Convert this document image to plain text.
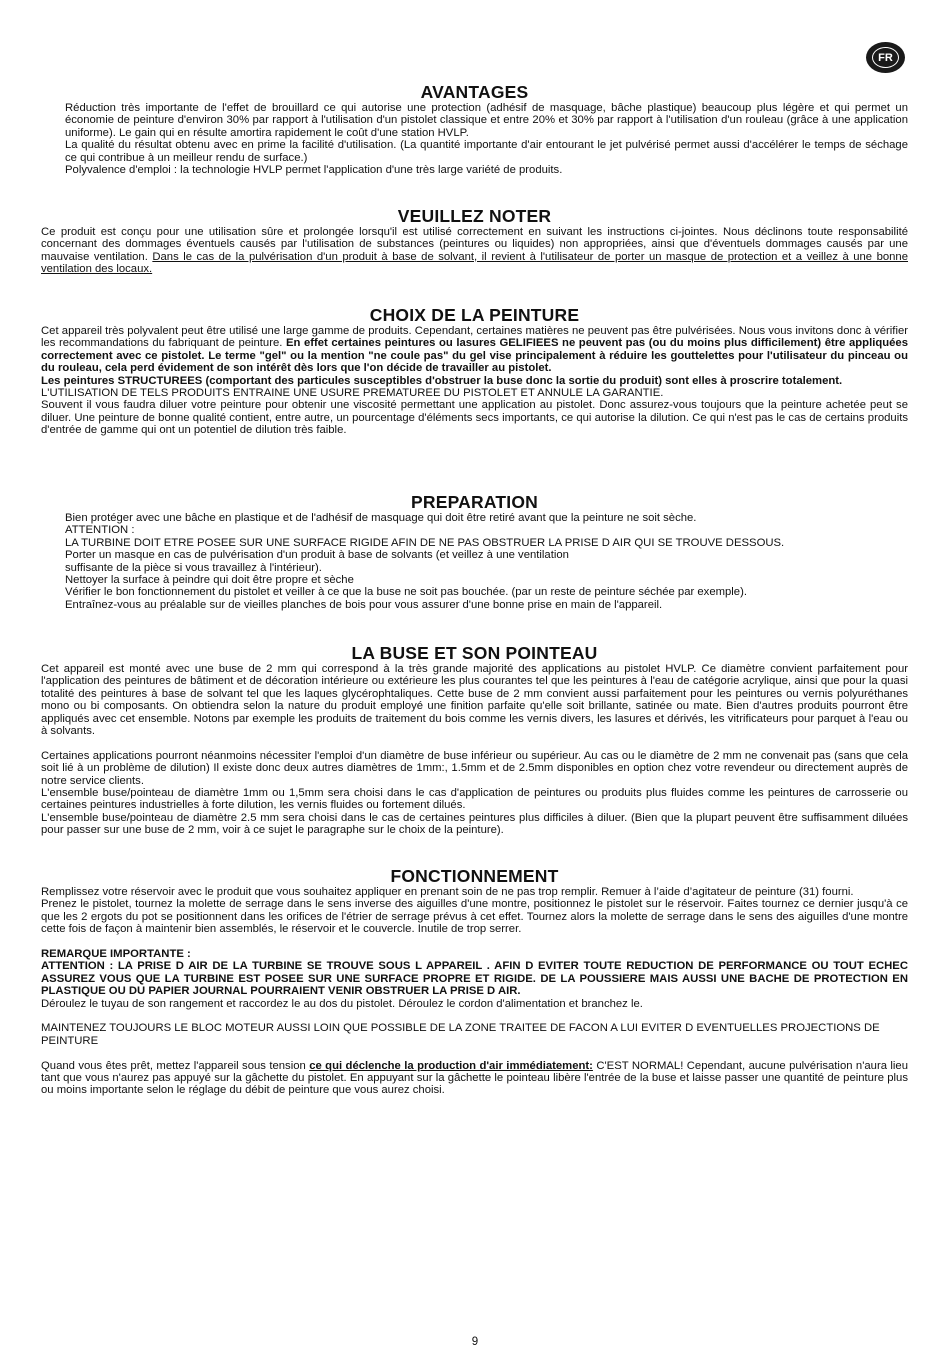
FR
AVANTAGES

Réduction très importante de l'effet de brouillard ce qui autorise une protection (adhésif de masquage, bâche plastique) beaucoup plus légère et qui permet un économie de peinture d'environ 30% par rapport à l'utilisation d'un pistolet classique et entre 20% et 30% par rapport à l'utilisation d'un rouleau (grâce à une application uniforme). Le gain qui en résulte amortira rapidement le coût d'une station HVLP.

La qualité du résultat obtenu avec en prime la facilité d'utilisation. (La quantité importante d'air entourant le jet pulvérisé permet aussi d'accélérer le temps de séchage ce qui contribue à un meilleur rendu de surface.)

Polyvalence d'emploi : la technologie HVLP permet l'application d'une très large variété de produits.

VEUILLEZ NOTER

Ce produit est conçu pour une utilisation sûre et prolongée lorsqu'il est utilisé correctement en suivant les instructions ci-jointes. Nous déclinons toute responsabilité concernant des dommages éventuels causés par l'utilisation de substances (peintures ou liquides) non appropriées, ainsi que d'éventuels dommages causés par une mauvaise ventilation. Dans le cas de la pulvérisation d'un produit à base de solvant, il revient à l'utilisateur de porter un masque de protection et a veillez à une bonne ventilation des locaux.

CHOIX DE LA PEINTURE

Cet appareil très polyvalent peut être utilisé une large gamme de produits. Cependant, certaines matières ne peuvent pas être pulvérisées. Nous vous invitons donc à vérifier les recommandations du fabriquant de peinture. En effet certaines peintures ou lasures GELIFIEES ne peuvent pas (ou du moins plus difficilement) être appliquées correctement avec ce pistolet. Le terme "gel" ou la mention "ne coule pas" du gel vise principalement à réduire les gouttelettes pour l'utilisateur du pinceau ou du rouleau, cela perd évidement de son intérêt dès lors que l'on décide de travailler au pistolet.

Les peintures STRUCTUREES (comportant des particules susceptibles d'obstruer la buse donc la sortie du produit) sont elles à proscrire totalement.

L'UTILISATION DE TELS PRODUITS ENTRAINE UNE USURE PREMATUREE DU PISTOLET ET ANNULE LA GARANTIE.

Souvent il vous faudra diluer votre peinture pour obtenir une viscosité permettant une application au pistolet. Donc assurez-vous toujours que la peinture achetée peut se diluer. Une peinture de bonne qualité contient, entre autre, un pourcentage d'éléments secs importants, ce qui autorise la dilution. Ce qui n'est pas le cas de certains produits d'entrée de gamme qui ont un potentiel de dilution très faible.

PREPARATION

Bien protéger avec une bâche en plastique et de l'adhésif de masquage qui doit être retiré avant que la peinture ne soit sèche.

ATTENTION :

LA TURBINE DOIT ETRE POSEE SUR UNE SURFACE RIGIDE AFIN DE NE PAS OBSTRUER LA PRISE D AIR QUI SE TROUVE DESSOUS.

Porter un masque en cas de pulvérisation d'un produit à base de solvants (et veillez à une ventilation

suffisante de la pièce si vous travaillez à l'intérieur).

Nettoyer la surface à peindre qui doit être propre et sèche

Vérifier le bon fonctionnement du pistolet et veiller à ce que la buse ne soit pas bouchée. (par un reste de peinture séchée par exemple).

Entraînez-vous au préalable sur de vieilles planches de bois pour vous assurer d'une bonne prise en main de l'appareil.

LA BUSE ET SON POINTEAU

Cet appareil est monté avec une buse de 2 mm qui correspond à la très grande majorité des applications au pistolet HVLP. Ce diamètre convient parfaitement pour l'application des peintures de bâtiment et de décoration intérieure ou extérieure les plus courantes tel que les peintures à l'eau de catégorie acrylique, ainsi que pour la quasi totalité des peintures à base de solvant tel que les laques glycérophtaliques. Cette buse de 2 mm convient aussi parfaitement pour les peintures ou vernis polyuréthanes mono ou bi composants. On obtiendra selon la nature du produit employé une finition parfaite qu'elle soit brillante, satinée ou mate. Bien d'autres produits pourront être appliqués avec cet ensemble. Notons par exemple les produits de traitement du bois comme les vernis divers, les lasures et dérivés, les vitrificateurs pour parquet à l'eau ou à solvants.

Certaines applications pourront néanmoins nécessiter l'emploi d'un diamètre de buse inférieur ou supérieur. Au cas ou le diamètre de 2 mm ne convenait pas (sans que cela soit lié à un problème de dilution) Il existe donc deux autres diamètres de 1mm:, 1.5mm et de 2.5mm disponibles en option chez votre revendeur ou directement auprès de notre service clients.

L'ensemble buse/pointeau de diamètre 1mm ou 1,5mm sera choisi dans le cas d'application de peintures ou produits plus fluides comme les peintures de carrosserie ou certaines peintures industrielles à forte dilution, les vernis fluides ou fortement dilués.

L'ensemble buse/pointeau de diamètre 2.5 mm sera choisi dans le cas de certaines peintures plus difficiles à diluer. (Bien que la plupart peuvent être suffisamment diluées pour passer sur une buse de 2 mm, voir à ce sujet le paragraphe sur le choix de la peinture).

FONCTIONNEMENT

Remplissez votre réservoir avec le produit que vous souhaitez appliquer en prenant soin de ne pas trop remplir. Remuer à l’aide d’agitateur de peinture (31) fourni.

Prenez le pistolet, tournez la molette de serrage dans le sens inverse des aiguilles d'une montre, positionnez le pistolet sur le réservoir. Faites tournez ce dernier jusqu'à ce que les 2 ergots du pot se positionnent dans les orifices de l'étrier de serrage prévus à cet effet. Tournez alors la molette de serrage dans le sens des aiguilles d'une montre cette fois de façon à maintenir bien assemblés, le réservoir et le couvercle. Inutile de trop serrer.

REMARQUE IMPORTANTE :

ATTENTION : LA PRISE D AIR DE LA TURBINE SE TROUVE SOUS L APPAREIL . AFIN D EVITER TOUTE REDUCTION DE PERFORMANCE OU TOUT ECHEC ASSUREZ VOUS QUE LA TURBINE EST POSEE SUR UNE SURFACE PROPRE ET RIGIDE. DE LA POUSSIERE MAIS AUSSI UNE BACHE DE PROTECTION EN PLASTIQUE OU DU PAPIER JOURNAL POURRAIENT VENIR OBSTRUER LA PRISE D AIR.

Déroulez le tuyau de son rangement et raccordez le au dos du pistolet. Déroulez le cordon d'alimentation et branchez le.

MAINTENEZ TOUJOURS LE BLOC MOTEUR AUSSI LOIN QUE POSSIBLE DE LA ZONE TRAITEE DE FACON A LUI EVITER D EVENTUELLES PROJECTIONS DE PEINTURE

Quand vous êtes prêt, mettez l'appareil sous tension ce qui déclenche la production d'air immédiatement: C'EST NORMAL! Cependant, aucune pulvérisation n'aura lieu tant que vous n'aurez pas appuyé sur la gâchette du pistolet. En appuyant sur la gâchette le pointeau libère l'entrée de la buse et laisse passer une quantité de peinture plus ou moins importante selon le réglage du débit de peinture que vous aurez choisi.

9
